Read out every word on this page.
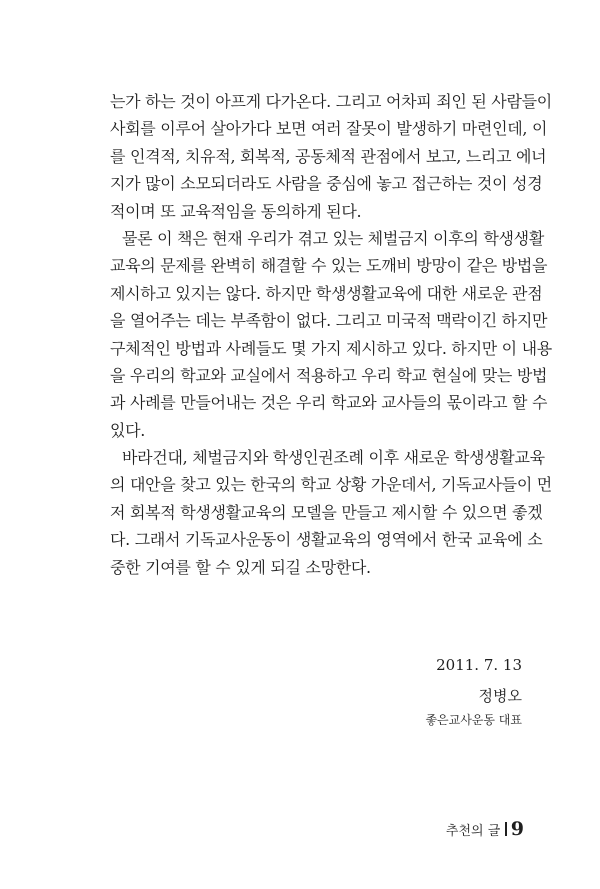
는가 하는 것이 아프게 다가온다. 그리고 어차피 죄인 된 사람들이
사회를 이루어 살아가다 보면 여러 잘못이 발생하기 마련인데, 이
를 인격적, 치유적, 회복적, 공동체적 관점에서 보고, 느리고 에너
지가 많이 소모되더라도 사람을 중심에 놓고 접근하는 것이 성경
적이며 또 교육적임을 동의하게 된다.
물론 이 책은 현재 우리가 겪고 있는 체벌금지 이후의 학생생활
교육의 문제를 완벽히 해결할 수 있는 도깨비 방망이 같은 방법을
제시하고 있지는 않다. 하지만 학생생활교육에 대한 새로운 관점
을 열어주는 데는 부족함이 없다. 그리고 미국적 맥락이긴 하지만
구체적인 방법과 사례들도 몇 가지 제시하고 있다. 하지만 이 내용
을 우리의 학교와 교실에서 적용하고 우리 학교 현실에 맞는 방법
과 사례를 만들어내는 것은 우리 학교와 교사들의 몫이라고 할 수
있다.
바라건대, 체벌금지와 학생인권조례 이후 새로운 학생생활교육
의 대안을 찾고 있는 한국의 학교 상황 가운데서, 기독교사들이 먼
저 회복적 학생생활교육의 모델을 만들고 제시할 수 있으면 좋겠
다. 그래서 기독교사운동이 생활교육의 영역에서 한국 교육에 소
중한 기여를 할 수 있게 되길 소망한다.
2011. 7. 13
정병오
좋은교사운동 대표
추천의 글 9
